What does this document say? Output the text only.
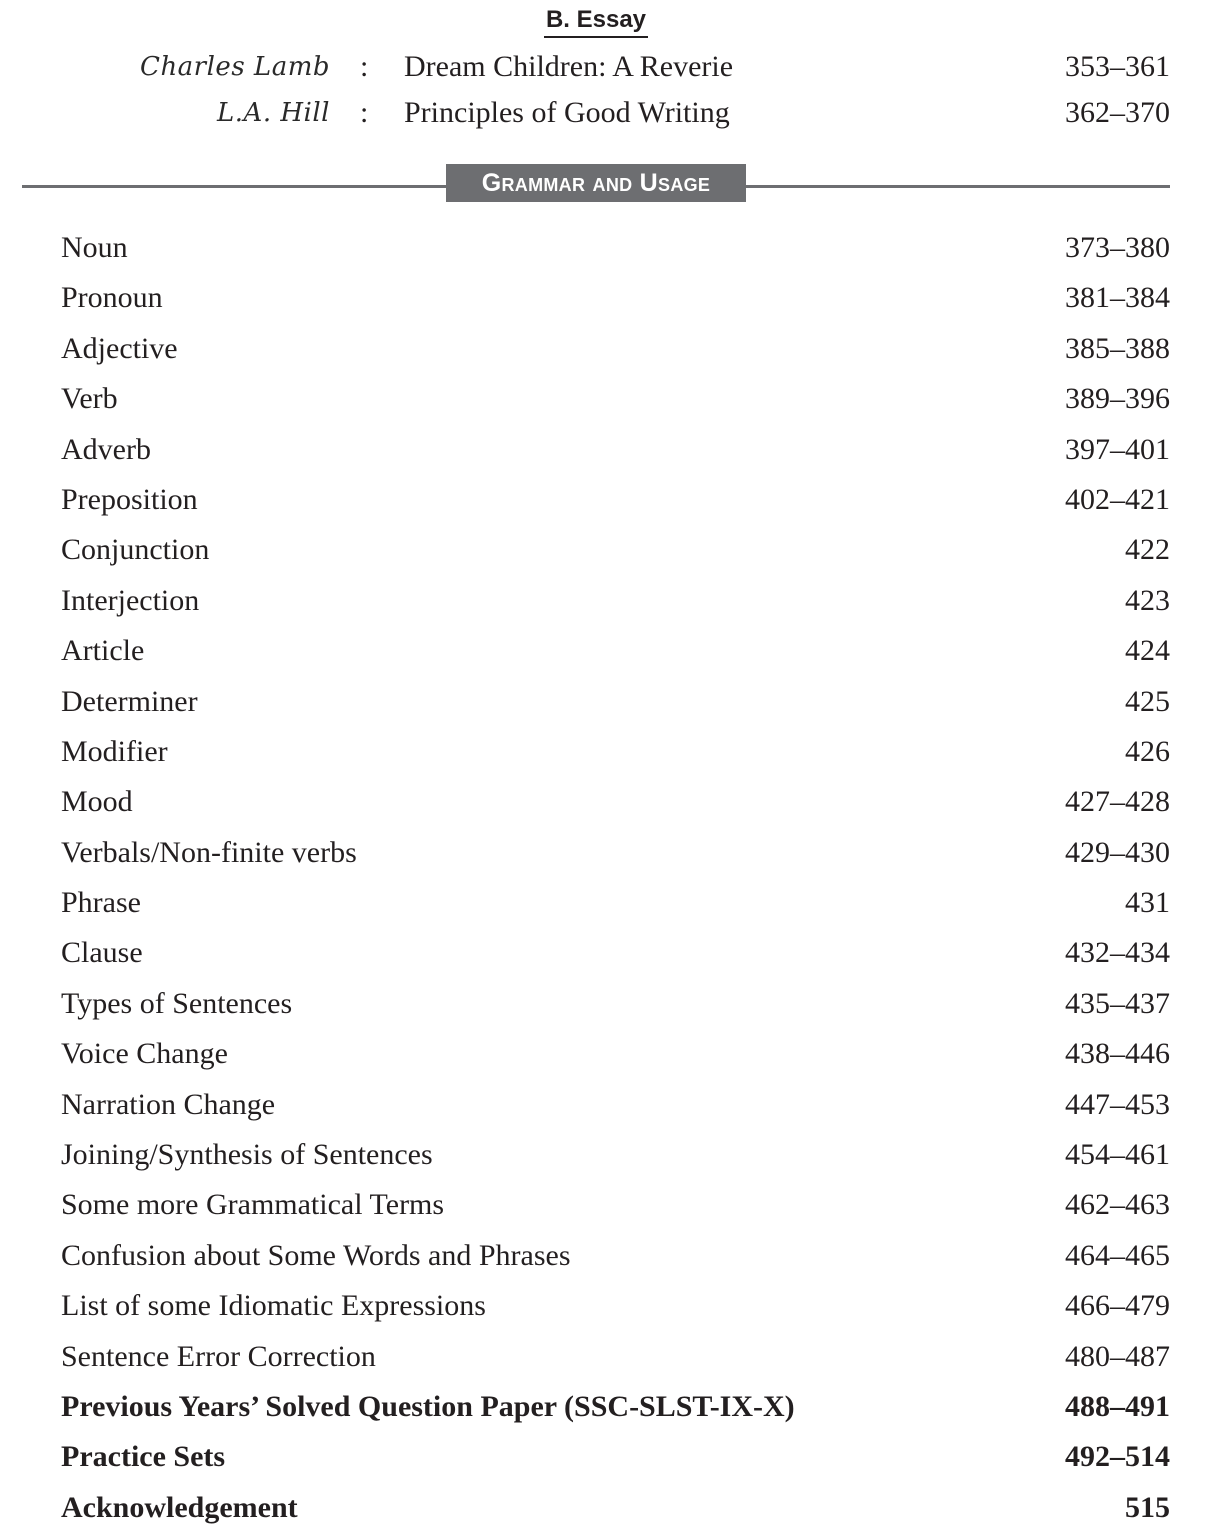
B. Essay
Charles Lamb : Dream Children: A Reverie	353–361
L.A. Hill : Principles of Good Writing	362–370
Grammar and Usage
Noun	373–380
Pronoun	381–384
Adjective	385–388
Verb	389–396
Adverb	397–401
Preposition	402–421
Conjunction	422
Interjection	423
Article	424
Determiner	425
Modifier	426
Mood	427–428
Verbals/Non-finite verbs	429–430
Phrase	431
Clause	432–434
Types of Sentences	435–437
Voice Change	438–446
Narration Change	447–453
Joining/Synthesis of Sentences	454–461
Some more Grammatical Terms	462–463
Confusion about Some Words and Phrases	464–465
List of some Idiomatic Expressions	466–479
Sentence Error Correction	480–487
Previous Years’ Solved Question Paper (SSC-SLST-IX-X)	488–491
Practice Sets	492–514
Acknowledgement	515
